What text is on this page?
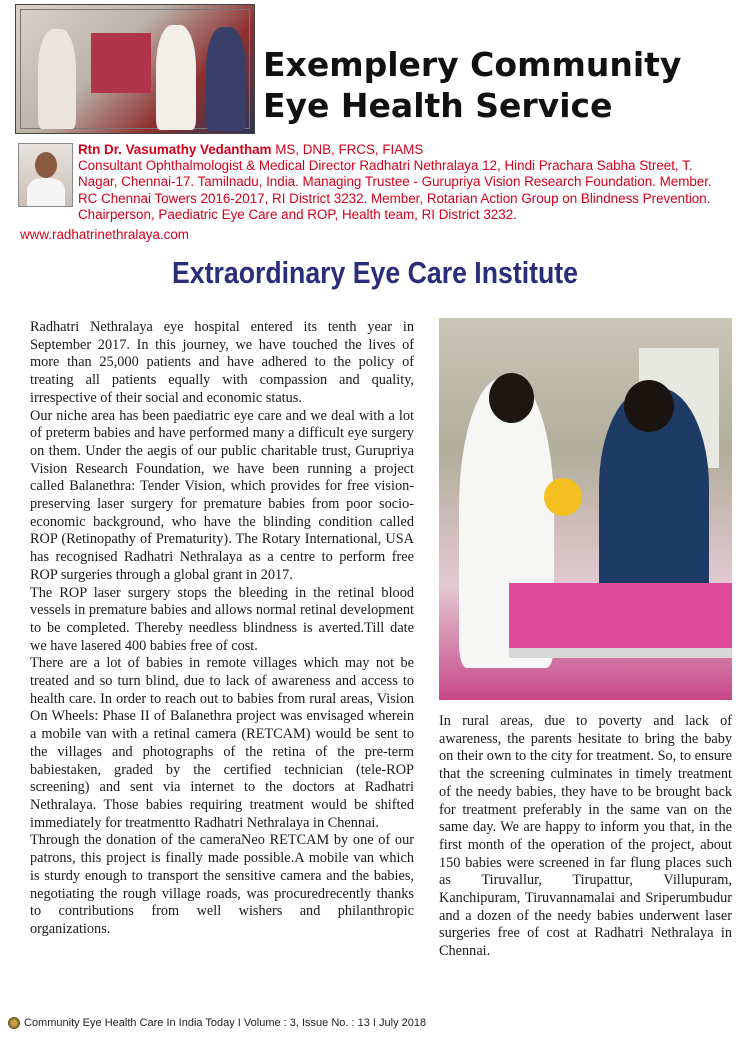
Exemplery Community
Eye Health Service
Rtn Dr. Vasumathy Vedantham MS, DNB, FRCS, FIAMS
Consultant Ophthalmologist & Medical Director Radhatri Nethralaya 12, Hindi Prachara Sabha Street, T. Nagar, Chennai-17. Tamilnadu, India. Managing Trustee - Gurupriya Vision Research Foundation. Member. RC Chennai Towers 2016-2017, RI District 3232. Member, Rotarian Action Group on Blindness Prevention. Chairperson, Paediatric Eye Care and ROP, Health team, RI District 3232.
www.radhatrinethralaya.com
Extraordinary Eye Care Institute

Radhatri Nethralaya eye hospital entered its tenth year in September 2017. In this journey, we have touched the lives of more than 25,000 patients and have adhered to the policy of treating all patients equally with compassion and quality, irrespective of their social and economic status.

Our niche area has been paediatric eye care and we deal with a lot of preterm babies and have performed many a difficult eye surgery on them. Under the aegis of our public charitable trust, Gurupriya Vision Research Foundation, we have been running a project called Balanethra: Tender Vision, which provides for free vision- preserving laser surgery for premature babies from poor socio-economic background, who have the blinding condition called ROP (Retinopathy of Prematurity). The Rotary International, USA has recognised Radhatri Nethralaya as a centre to perform free ROP surgeries through a global grant in 2017.

The ROP laser surgery stops the bleeding in the retinal blood vessels in premature babies and allows normal retinal development to be completed. Thereby needless blindness is averted.Till date we have lasered 400 babies free of cost.

There are a lot of babies in remote villages which may not be treated and so turn blind, due to lack of awareness and access to health care. In order to reach out to babies from rural areas, Vision On Wheels: Phase II of Balanethra project was envisaged wherein a mobile van with a retinal camera (RETCAM) would be sent to the villages and photographs of the retina of the pre-term babiestaken, graded by the certified technician (tele-ROP screening) and sent via internet to the doctors at Radhatri Nethralaya. Those babies requiring treatment would be shifted immediately for treatmentto Radhatri Nethralaya in Chennai.

Through the donation of the cameraNeo RETCAM by one of our patrons, this project is finally made possible.A mobile van which is sturdy enough to transport the sensitive camera and the babies, negotiating the rough village roads, was procuredrecently thanks to contributions from well wishers and philanthropic organizations.

In rural areas, due to poverty and lack of awareness, the parents hesitate to bring the baby on their own to the city for treatment. So, to ensure that the screening culminates in timely treatment of the needy babies, they have to be brought back for treatment preferably in the same van on the same day. We are happy to inform you that, in the first month of the operation of the project, about 150 babies were screened in far flung places such as Tiruvallur, Tirupattur, Villupuram, Kanchipuram, Tiruvannamalai and Sriperumbudur and a dozen of the needy babies underwent laser surgeries free of cost at Radhatri Nethralaya in Chennai.

Community Eye Health Care In India Today I Volume : 3, Issue No. : 13 I July 2018
